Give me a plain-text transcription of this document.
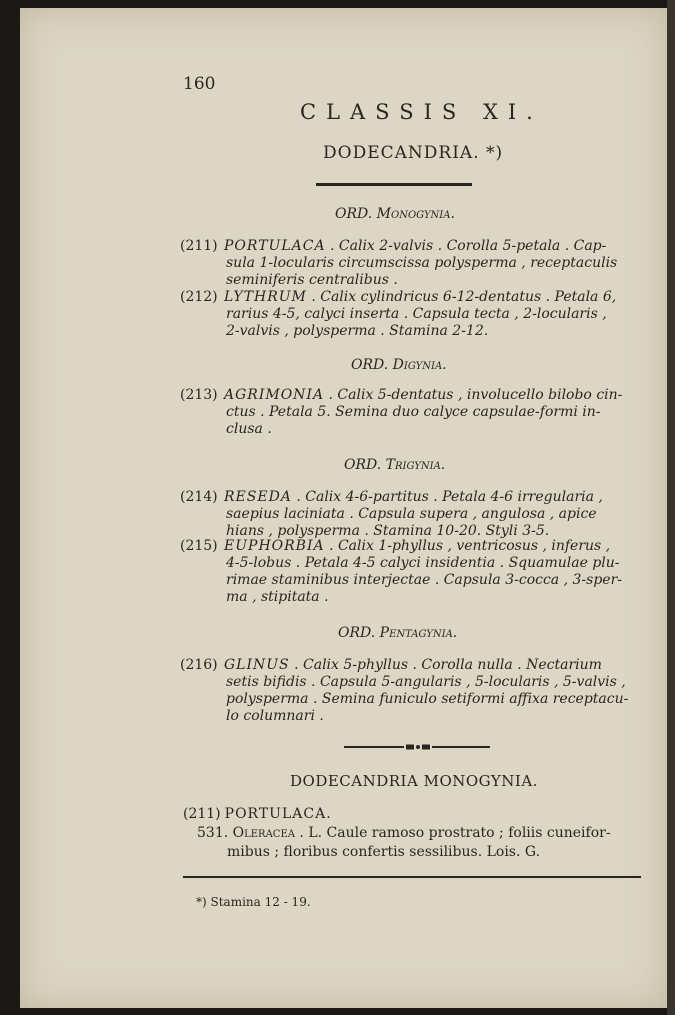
160
CLASSIS XI.
DODECANDRIA. *)
ORD. Monogynia.
(211) PORTULACA . Calix 2-valvis . Corolla 5-petala . Cap-
sula 1-locularis circumscissa polysperma , receptaculis
seminiferis centralibus .
(212) LYTHRUM . Calix cylindricus 6-12-dentatus . Petala 6,
rarius 4-5, calyci inserta . Capsula tecta , 2-locularis ,
2-valvis , polysperma . Stamina 2-12.
ORD. Digynia.
(213) AGRIMONIA . Calix 5-dentatus , involucello bilobo cin-
ctus . Petala 5. Semina duo calyce capsulae-formi in-
clusa .
ORD. Trigynia.
(214) RESEDA . Calix 4-6-partitus . Petala 4-6 irregularia ,
saepius laciniata . Capsula supera , angulosa , apice
hians , polysperma . Stamina 10-20. Styli 3-5.
(215) EUPHORBIA . Calix 1-phyllus , ventricosus , inferus ,
4-5-lobus . Petala 4-5 calyci insidentia . Squamulae plu-
rimae staminibus interjectae . Capsula 3-cocca , 3-sper-
ma , stipitata .
ORD. Pentagynia.
(216) GLINUS . Calix 5-phyllus . Corolla nulla . Nectarium
setis bifidis . Capsula 5-angularis , 5-locularis , 5-valvis ,
polysperma . Semina funiculo setiformi affixa receptacu-
lo columnari .
DODECANDRIA MONOGYNIA.
(211) PORTULACA.
531. Oleracea . L. Caule ramoso prostrato ; foliis cuneifor-
mibus ; floribus confertis sessilibus. Lois. G.
*) Stamina 12 - 19.
